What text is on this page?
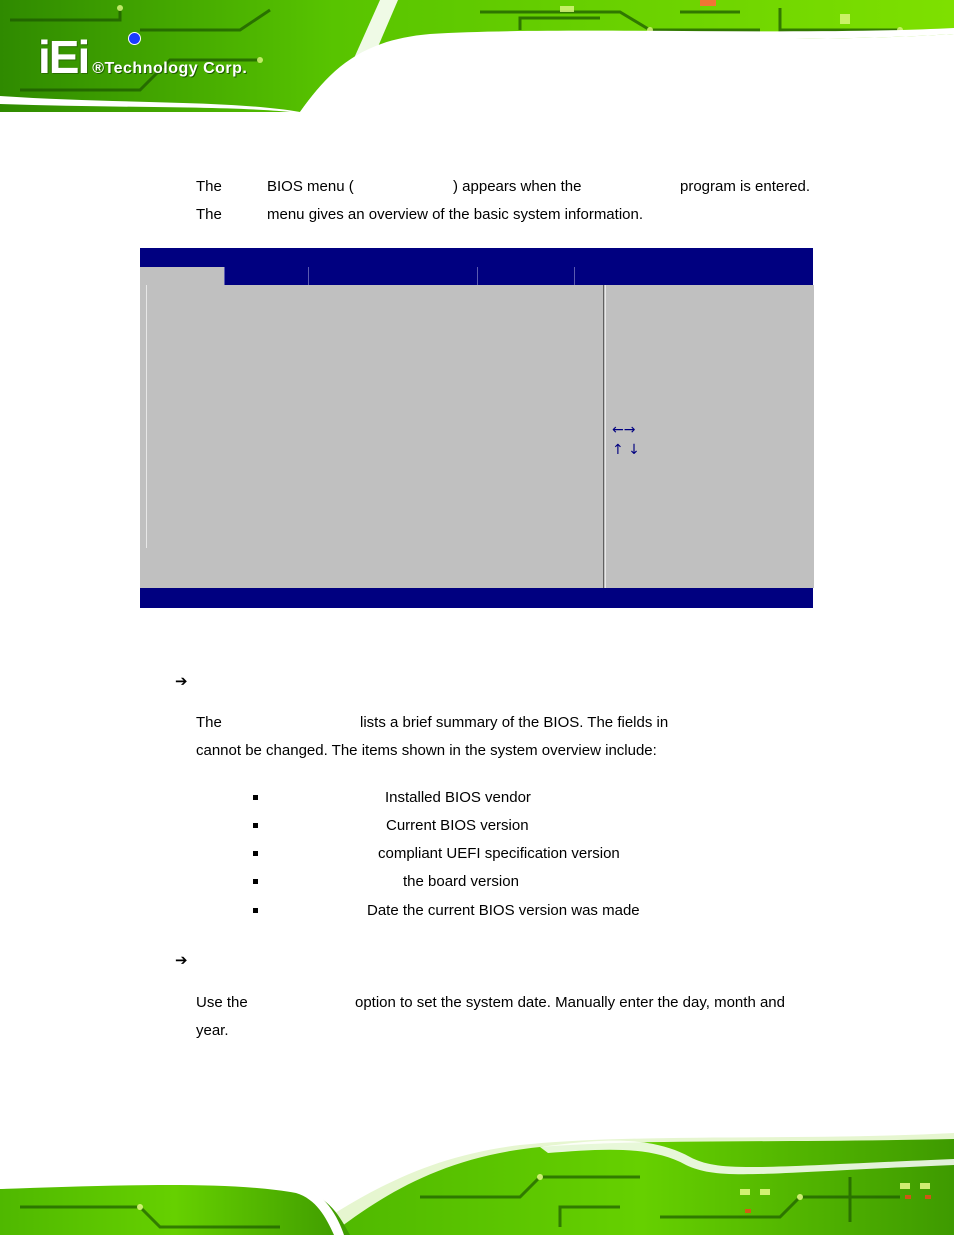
iEi ®Technology Corp.
The	BIOS menu (	) appears when the	program is entered.
The	menu gives an overview of the basic system information.
←→
↑ ↓
➔
The	lists a brief summary of the BIOS. The fields in
cannot be changed. The items shown in the system overview include:
Installed BIOS vendor
Current BIOS version
compliant UEFI specification version
the board version
Date the current BIOS version was made
➔
Use the	option to set the system date. Manually enter the day, month and
year.
